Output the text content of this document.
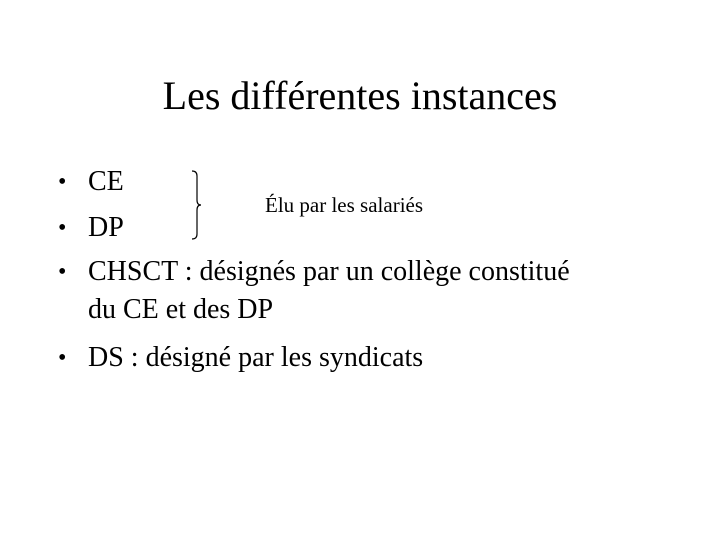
Les différentes instances
• CE
• DP
• CHSCT : désignés par un collège constitué
du CE et des DP
• DS : désigné par les syndicats
Élu par les salariés
